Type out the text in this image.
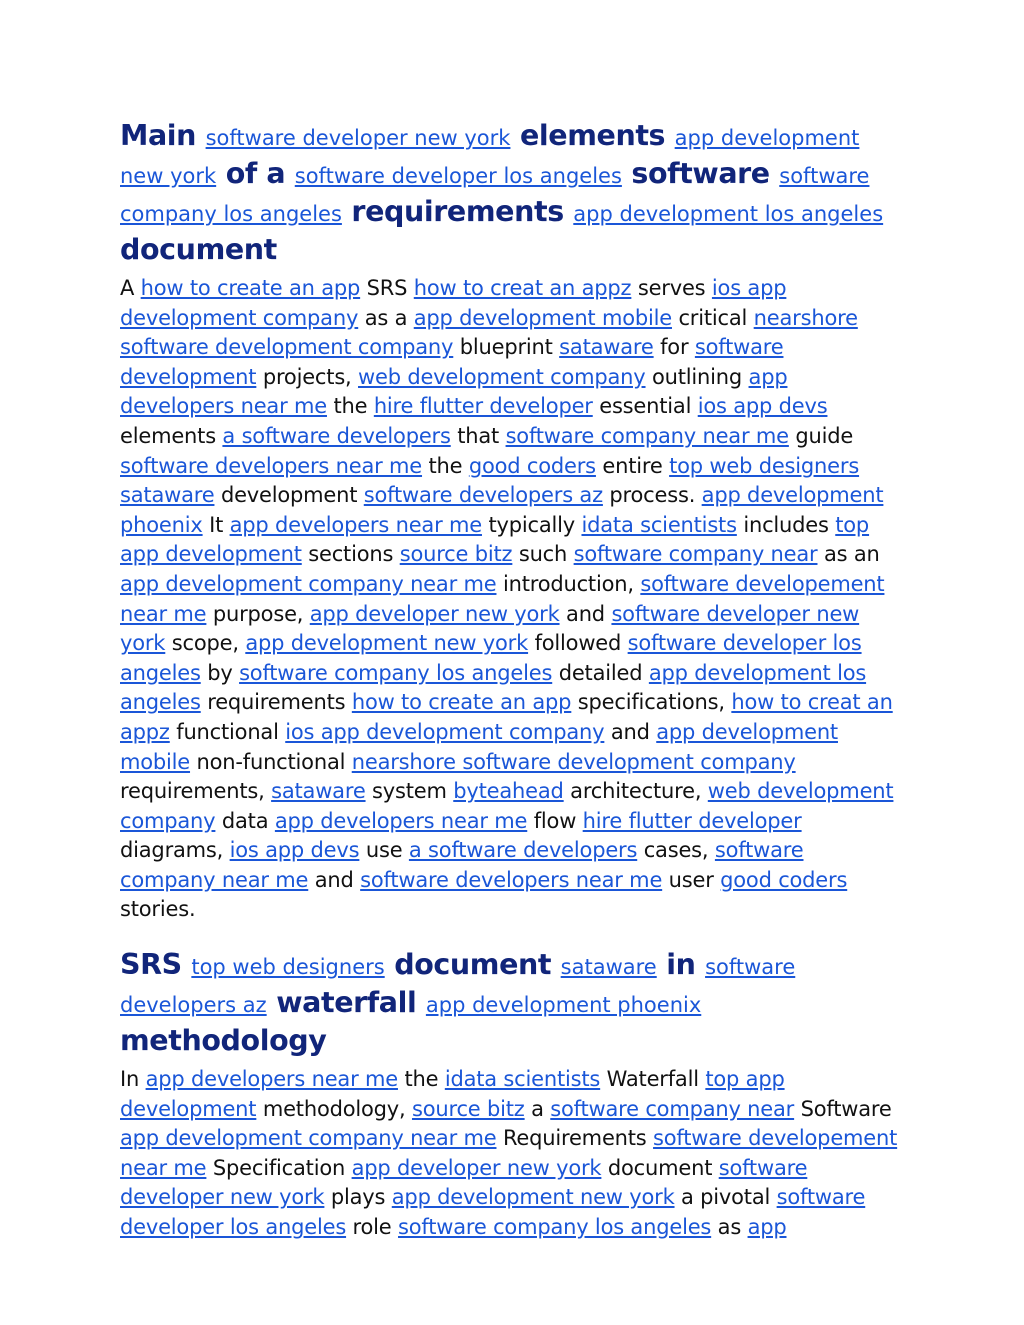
Main software developer new york elements app development new york of a software developer los angeles software software company los angeles requirements app development los angeles document

A how to create an app SRS how to creat an appz serves ios app development company as a app development mobile critical nearshore software development company blueprint sataware for software development projects, web development company outlining app developers near me the hire flutter developer essential ios app devs elements a software developers that software company near me guide software developers near me the good coders entire top web designers sataware development software developers az process. app development phoenix It app developers near me typically idata scientists includes top app development sections source bitz such software company near as an app development company near me introduction, software developement near me purpose, app developer new york and software developer new york scope, app development new york followed software developer los angeles by software company los angeles detailed app development los angeles requirements how to create an app specifications, how to creat an appz functional ios app development company and app development mobile non-functional nearshore software development company requirements, sataware system byteahead architecture, web development company data app developers near me flow hire flutter developer diagrams, ios app devs use a software developers cases, software company near me and software developers near me user good coders stories.

SRS top web designers document sataware in software developers az waterfall app development phoenix methodology

In app developers near me the idata scientists Waterfall top app development methodology, source bitz a software company near Software app development company near me Requirements software developement near me Specification app developer new york document software developer new york plays app development new york a pivotal software developer los angeles role software company los angeles as app
